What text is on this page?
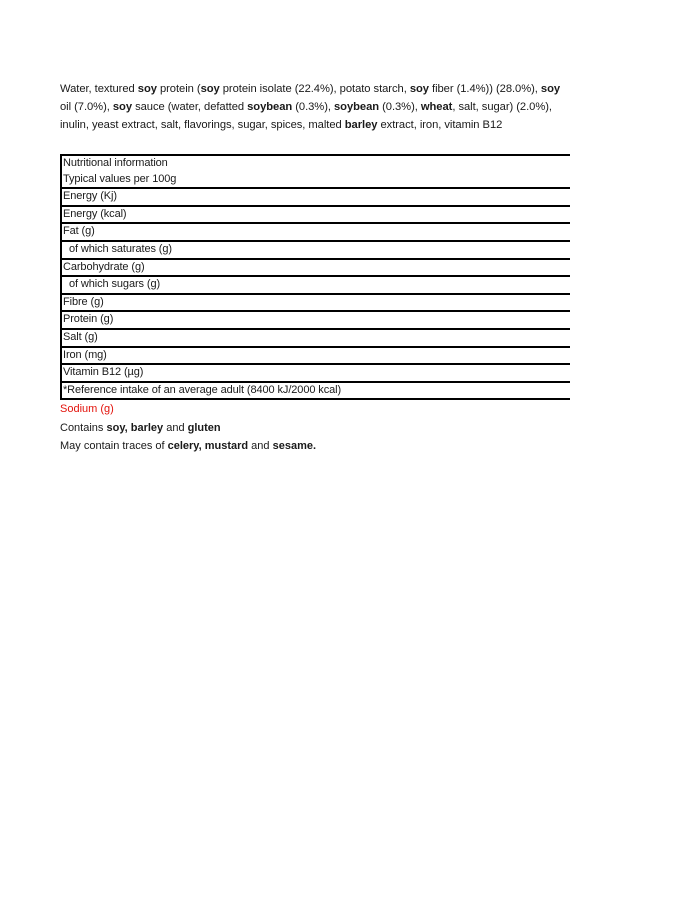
Water, textured soy protein (soy protein isolate (22.4%), potato starch, soy fiber (1.4%)) (28.0%), soy oil (7.0%), soy sauce (water, defatted soybean (0.3%), soybean (0.3%), wheat, salt, sugar) (2.0%), inulin, yeast extract, salt, flavorings, sugar, spices, malted barley extract, iron, vitamin B12

Nutritional information
Typical values per 100g
Energy (Kj)
Energy (kcal)
Fat (g)
of which saturates (g)
Carbohydrate (g)
of which sugars (g)
Fibre (g)
Protein (g)
Salt (g)
Iron (mg)
Vitamin B12 (µg)
*Reference intake of an average adult (8400 kJ/2000 kcal)
Sodium (g)
Contains soy, barley and gluten
May contain traces of celery, mustard and sesame.
